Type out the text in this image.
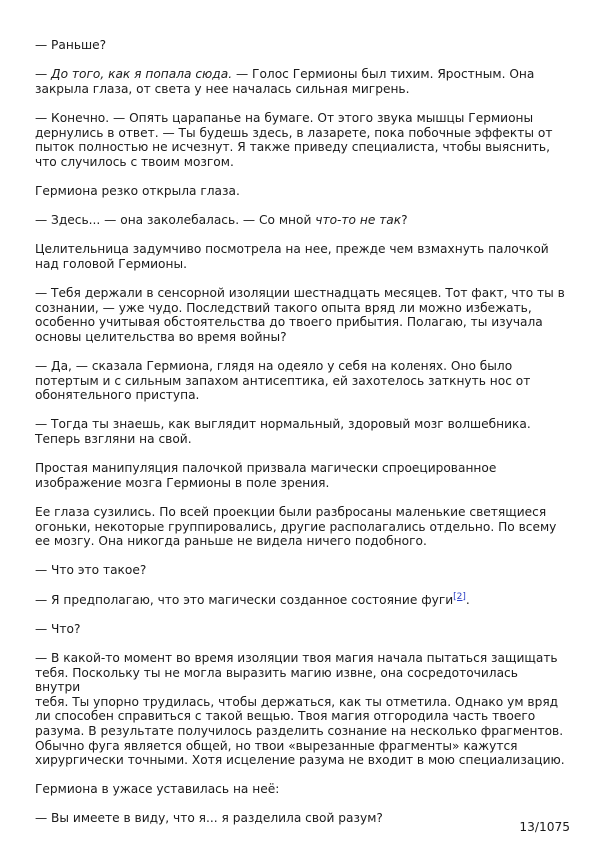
— Раньше?

— До того, как я попала сюда. — Голос Гермионы был тихим. Яростным. Она
закрыла глаза, от света у нее началась сильная мигрень.

— Конечно. — Опять царапанье на бумаге. От этого звука мышцы Гермионы
дернулись в ответ. — Ты будешь здесь, в лазарете, пока побочные эффекты от
пыток полностью не исчезнут. Я также приведу специалиста, чтобы выяснить,
что случилось с твоим мозгом.

Гермиона резко открыла глаза.

— Здесь... — она заколебалась. — Со мной что-то не так?

Целительница задумчиво посмотрела на нее, прежде чем взмахнуть палочкой
над головой Гермионы.

— Тебя держали в сенсорной изоляции шестнадцать месяцев. Тот факт, что ты в
сознании, — уже чудо. Последствий такого опыта вряд ли можно избежать,
особенно учитывая обстоятельства до твоего прибытия. Полагаю, ты изучала
основы целительства во время войны?

— Да, — сказала Гермиона, глядя на одеяло у себя на коленях. Оно было
потертым и с сильным запахом антисептика, ей захотелось заткнуть нос от
обонятельного приступа.

— Тогда ты знаешь, как выглядит нормальный, здоровый мозг волшебника.
Теперь взгляни на свой.

Простая манипуляция палочкой призвала магически спроецированное
изображение мозга Гермионы в поле зрения.

Ее глаза сузились. По всей проекции были разбросаны маленькие светящиеся
огоньки, некоторые группировались, другие располагались отдельно. По всему
ее мозгу. Она никогда раньше не видела ничего подобного.

— Что это такое?

— Я предполагаю, что это магически созданное состояние фуги[2].

— Что?

— В какой-то момент во время изоляции твоя магия начала пытаться защищать
тебя. Поскольку ты не могла выразить магию извне, она сосредоточилась внутри
тебя. Ты упорно трудилась, чтобы держаться, как ты отметила. Однако ум вряд
ли способен справиться с такой вещью. Твоя магия отгородила часть твоего
разума. В результате получилось разделить сознание на несколько фрагментов.
Обычно фуга является общей, но твои «вырезанные фрагменты» кажутся
хирургически точными. Хотя исцеление разума не входит в мою специализацию.

Гермиона в ужасе уставилась на неё:

— Вы имеете в виду, что я... я разделила свой разум?

13/1075
